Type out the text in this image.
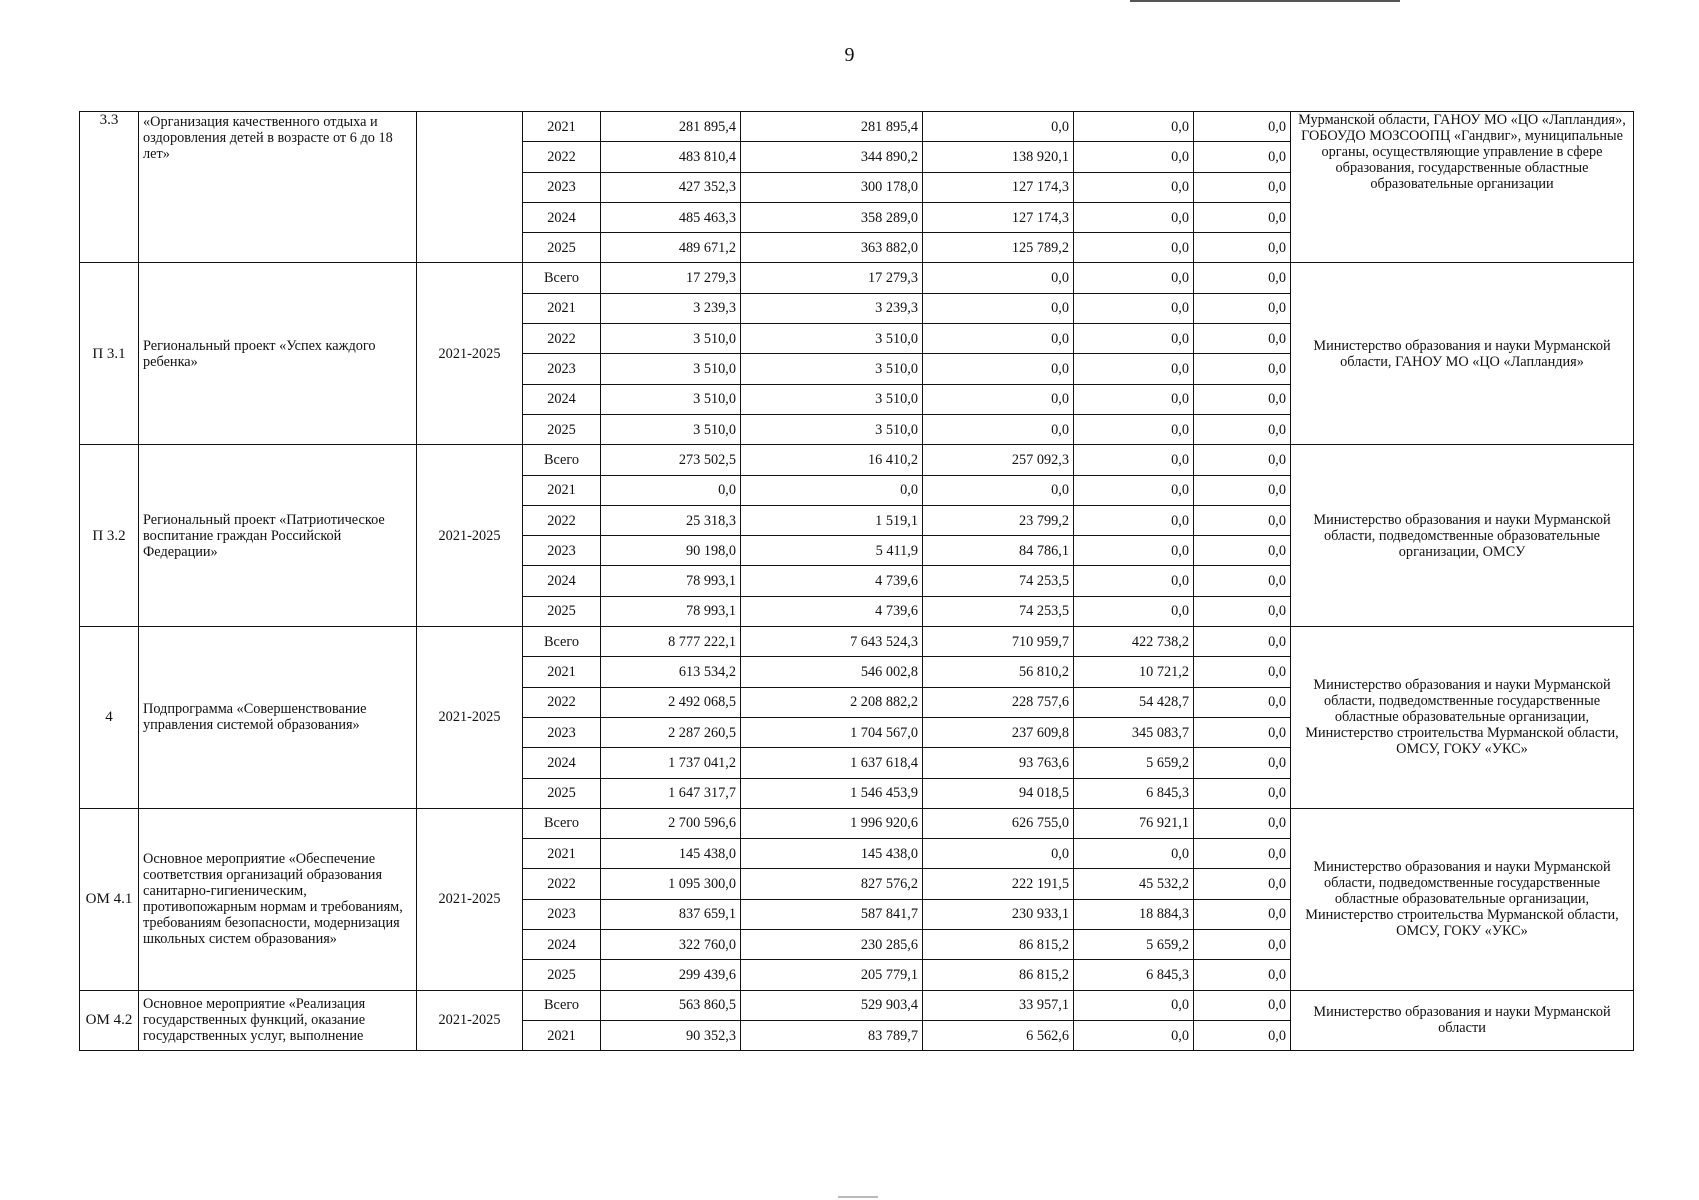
9
3.3	«Организация качественного отдыха и оздоровления детей в возрасте от 6 до 18 лет»		2021	281 895,4	281 895,4	0,0	0,0	0,0	Мурманской области, ГАНОУ МО «ЦО «Лапландия», ГОБОУДО МОЗСООПЦ «Гандвиг», муниципальные органы, осуществляющие управление в сфере образования, государственные областные образовательные организации
			2022	483 810,4	344 890,2	138 920,1	0,0	0,0	
			2023	427 352,3	300 178,0	127 174,3	0,0	0,0	
			2024	485 463,3	358 289,0	127 174,3	0,0	0,0	
			2025	489 671,2	363 882,0	125 789,2	0,0	0,0	
П 3.1	Региональный проект «Успех каждого ребенка»	2021-2025	Всего	17 279,3	17 279,3	0,0	0,0	0,0	Министерство образования и науки Мурманской области, ГАНОУ МО «ЦО «Лапландия»
			2021	3 239,3	3 239,3	0,0	0,0	0,0	
			2022	3 510,0	3 510,0	0,0	0,0	0,0	
			2023	3 510,0	3 510,0	0,0	0,0	0,0	
			2024	3 510,0	3 510,0	0,0	0,0	0,0	
			2025	3 510,0	3 510,0	0,0	0,0	0,0	
П 3.2	Региональный проект «Патриотическое воспитание граждан Российской Федерации»	2021-2025	Всего	273 502,5	16 410,2	257 092,3	0,0	0,0	Министерство образования и науки Мурманской области, подведомственные образовательные организации, ОМСУ
			2021	0,0	0,0	0,0	0,0	0,0	
			2022	25 318,3	1 519,1	23 799,2	0,0	0,0	
			2023	90 198,0	5 411,9	84 786,1	0,0	0,0	
			2024	78 993,1	4 739,6	74 253,5	0,0	0,0	
			2025	78 993,1	4 739,6	74 253,5	0,0	0,0	
4	Подпрограмма «Совершенствование управления системой образования»	2021-2025	Всего	8 777 222,1	7 643 524,3	710 959,7	422 738,2	0,0	Министерство образования и науки Мурманской области, подведомственные государственные областные образовательные организации, Министерство строительства Мурманской области, ОМСУ, ГОКУ «УКС»
			2021	613 534,2	546 002,8	56 810,2	10 721,2	0,0	
			2022	2 492 068,5	2 208 882,2	228 757,6	54 428,7	0,0	
			2023	2 287 260,5	1 704 567,0	237 609,8	345 083,7	0,0	
			2024	1 737 041,2	1 637 618,4	93 763,6	5 659,2	0,0	
			2025	1 647 317,7	1 546 453,9	94 018,5	6 845,3	0,0	
ОМ 4.1	Основное мероприятие «Обеспечение соответствия организаций образования санитарно-гигиеническим, противопожарным нормам и требованиям, требованиям безопасности, модернизация школьных систем образования»	2021-2025	Всего	2 700 596,6	1 996 920,6	626 755,0	76 921,1	0,0	Министерство образования и науки Мурманской области, подведомственные государственные областные образовательные организации, Министерство строительства Мурманской области, ОМСУ, ГОКУ «УКС»
			2021	145 438,0	145 438,0	0,0	0,0	0,0	
			2022	1 095 300,0	827 576,2	222 191,5	45 532,2	0,0	
			2023	837 659,1	587 841,7	230 933,1	18 884,3	0,0	
			2024	322 760,0	230 285,6	86 815,2	5 659,2	0,0	
			2025	299 439,6	205 779,1	86 815,2	6 845,3	0,0	
ОМ 4.2	Основное мероприятие «Реализация государственных функций, оказание государственных услуг, выполнение	2021-2025	Всего	563 860,5	529 903,4	33 957,1	0,0	0,0	Министерство образования и науки Мурманской области
			2021	90 352,3	83 789,7	6 562,6	0,0	0,0	
